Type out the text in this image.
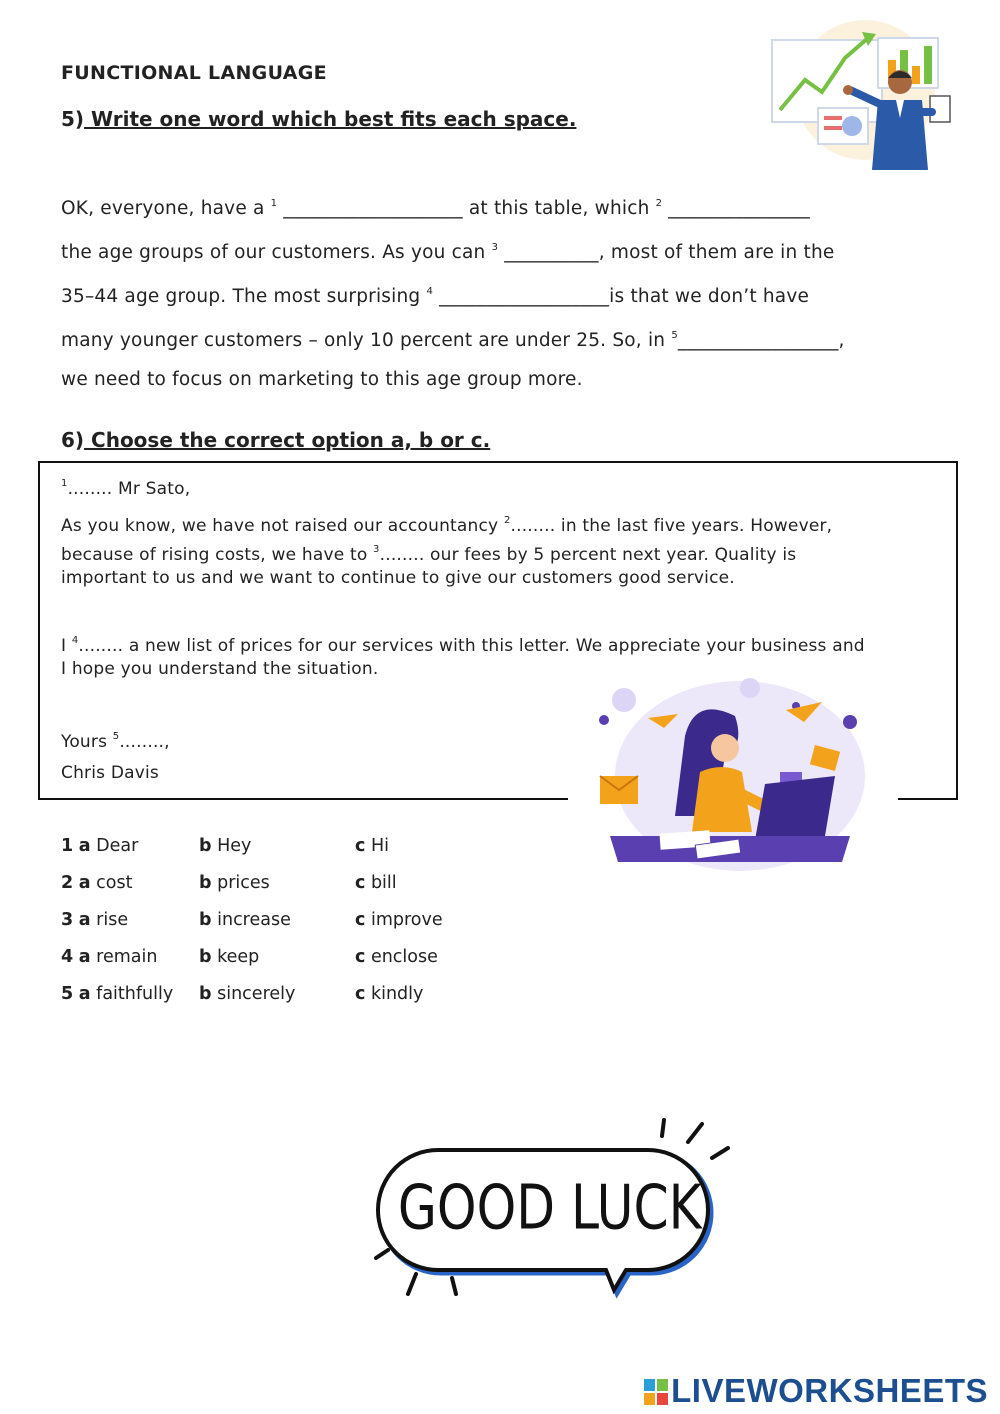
FUNCTIONAL LANGUAGE
5) Write one word which best fits each space.

OK, everyone, have a $^1$ ___________________ at this table, which $^2$ _______________

the age groups of our customers. As you can $^3$ __________, most of them are in the

35–44 age group. The most surprising $^4$ __________________is that we don’t have

many younger customers – only 10 percent are under 25. So, in $^5$_________________,

we need to focus on marketing to this age group more.

6) Choose the correct option a, b or c.

$^1$........ Mr Sato,

As you know, we have not raised our accountancy $^2$........ in the last five years. However,

because of rising costs, we have to $^3$........ our fees by 5 percent next year. Quality is

important to us and we want to continue to give our customers good service.

I $^4$........ a new list of prices for our services with this letter. We appreciate your business and

I hope you understand the situation.

Yours $^5$........,

Chris Davis

1 a Dear	b Hey	c Hi
2 a cost	b prices	c bill
3 a rise	b increase	c improve
4 a remain b keep	c enclose
5 a faithfully b sincerely	c kindly
GOOD LUCK
LIVEWORKSHEETS
